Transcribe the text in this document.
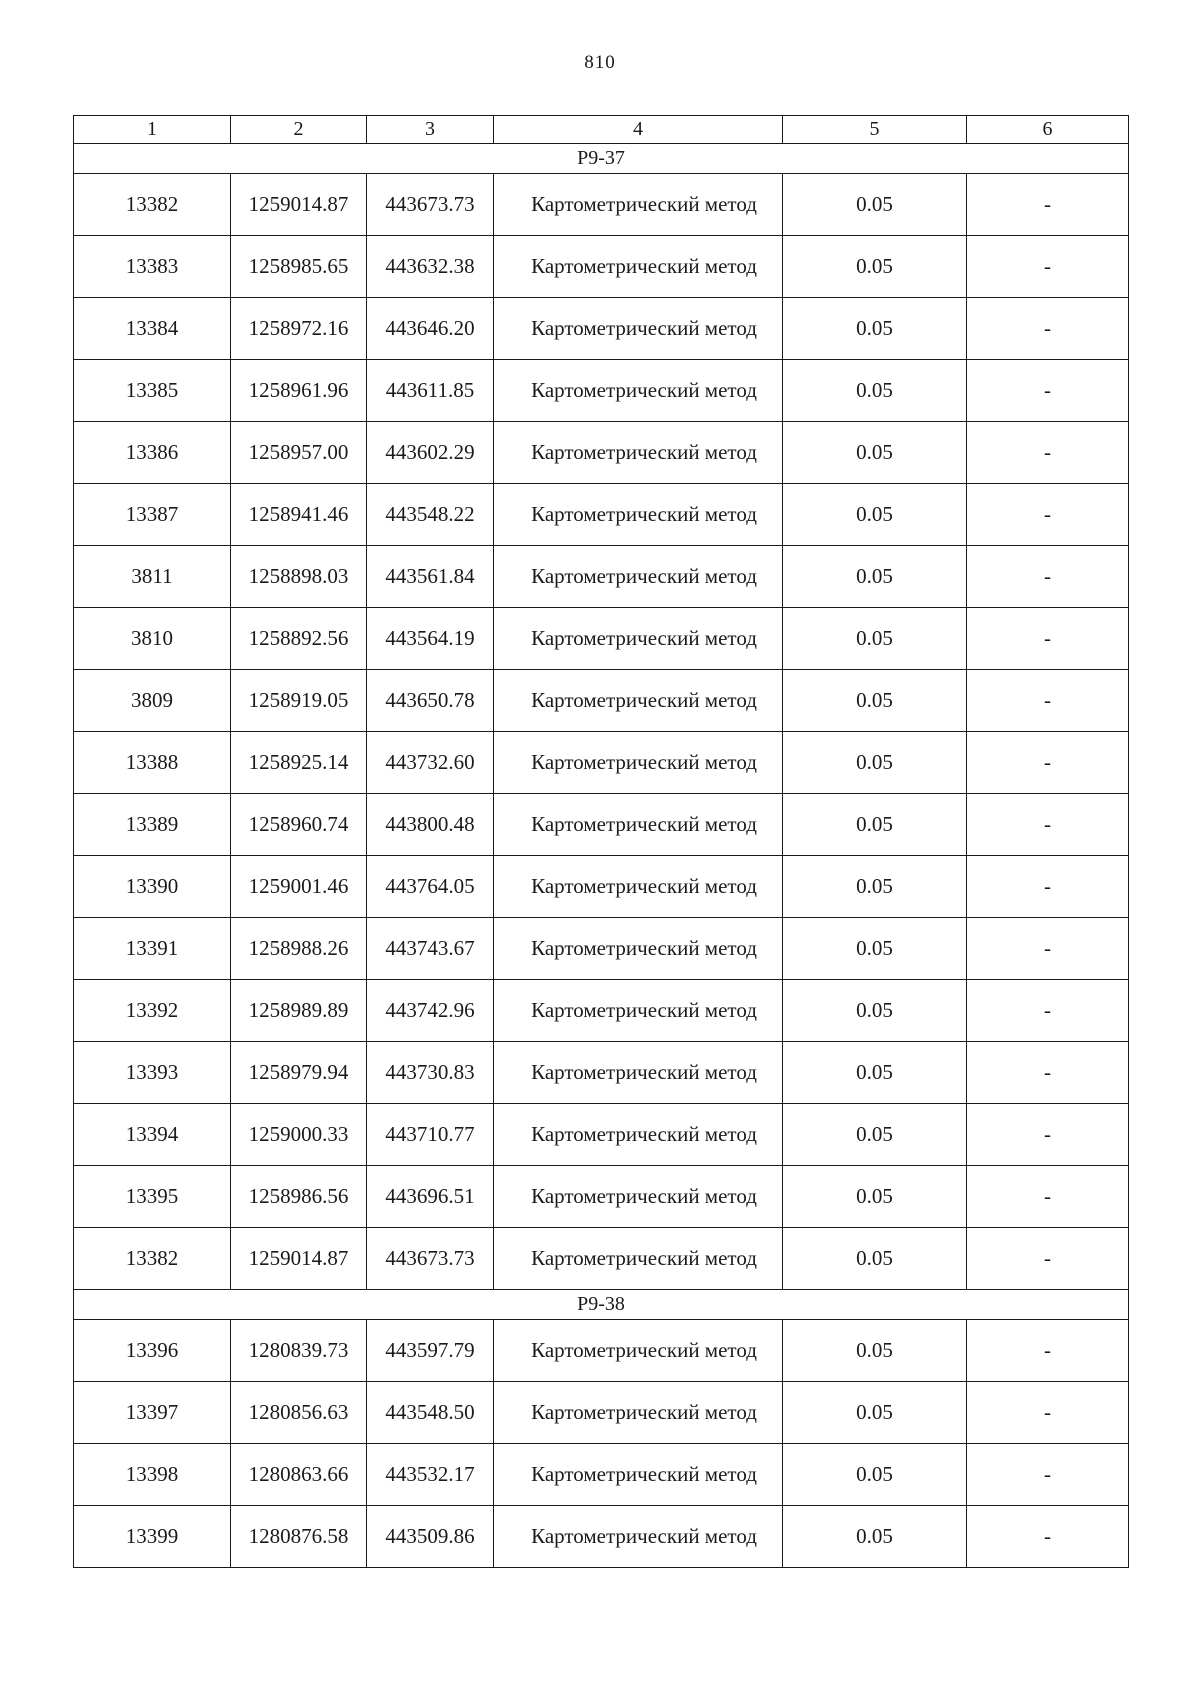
810
1	2	3	4	5	6
Р9-37					
13382	1259014.87	443673.73	Картометрический метод	0.05	-
13383	1258985.65	443632.38	Картометрический метод	0.05	-
13384	1258972.16	443646.20	Картометрический метод	0.05	-
13385	1258961.96	443611.85	Картометрический метод	0.05	-
13386	1258957.00	443602.29	Картометрический метод	0.05	-
13387	1258941.46	443548.22	Картометрический метод	0.05	-
3811	1258898.03	443561.84	Картометрический метод	0.05	-
3810	1258892.56	443564.19	Картометрический метод	0.05	-
3809	1258919.05	443650.78	Картометрический метод	0.05	-
13388	1258925.14	443732.60	Картометрический метод	0.05	-
13389	1258960.74	443800.48	Картометрический метод	0.05	-
13390	1259001.46	443764.05	Картометрический метод	0.05	-
13391	1258988.26	443743.67	Картометрический метод	0.05	-
13392	1258989.89	443742.96	Картометрический метод	0.05	-
13393	1258979.94	443730.83	Картометрический метод	0.05	-
13394	1259000.33	443710.77	Картометрический метод	0.05	-
13395	1258986.56	443696.51	Картометрический метод	0.05	-
13382	1259014.87	443673.73	Картометрический метод	0.05	-
Р9-38					
13396	1280839.73	443597.79	Картометрический метод	0.05	-
13397	1280856.63	443548.50	Картометрический метод	0.05	-
13398	1280863.66	443532.17	Картометрический метод	0.05	-
13399	1280876.58	443509.86	Картометрический метод	0.05	-
